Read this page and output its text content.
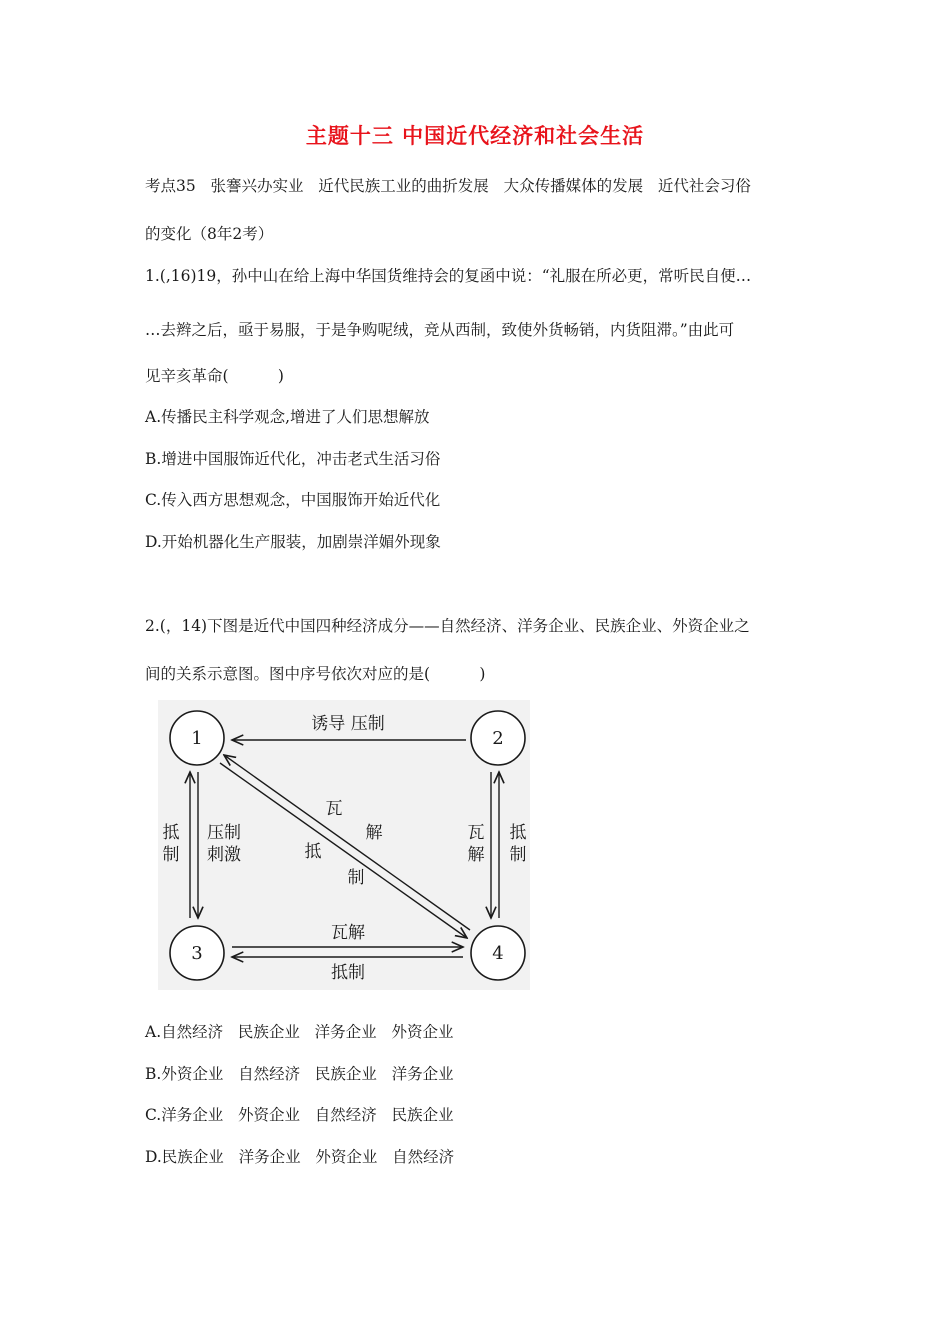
主题十三 中国近代经济和社会生活
考点35   张謇兴办实业   近代民族工业的曲折发展   大众传播媒体的发展   近代社会习俗
的变化（8年2考）
1.(,16)19，孙中山在给上海中华国货维持会的复函中说：“礼服在所必更，常听民自便…
…去辫之后，亟于易服，于是争购呢绒，竞从西制，致使外货畅销，内货阻滞。”由此可
见辛亥革命(          )
A.传播民主科学观念,增进了人们思想解放
B.增进中国服饰近代化，冲击老式生活习俗
C.传入西方思想观念，中国服饰开始近代化
D.开始机器化生产服装，加剧崇洋媚外现象
2.(，14)下图是近代中国四种经济成分——自然经济、洋务企业、民族企业、外资企业之
间的关系示意图。图中序号依次对应的是(          )
1	2
3	4
诱导 压制
抵
制
压制
刺激
瓦
解
抵
制
瓦
解
抵
制
瓦解
抵制
A.自然经济   民族企业   洋务企业   外资企业
B.外资企业   自然经济   民族企业   洋务企业
C.洋务企业   外资企业   自然经济   民族企业
D.民族企业   洋务企业   外资企业   自然经济
